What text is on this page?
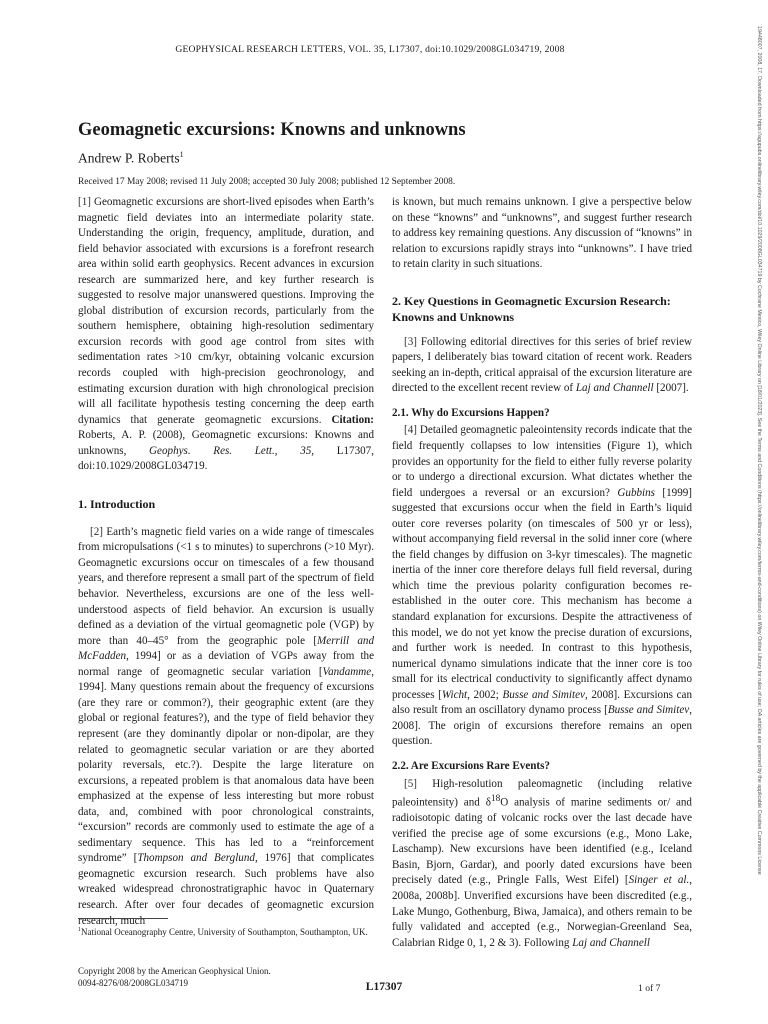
19448007, 2008, 17, Downloaded from https://agupubs.onlinelibrary.wiley.com/doi/10.1029/2008GL034719 by Cochrane Mexico, Wiley Online Library on [18/01/2023]. See the Terms and Conditions (https://onlinelibrary.wiley.com/terms-and-conditions) on Wiley Online Library for rules of use; OA articles are governed by the applicable Creative Commons License
GEOPHYSICAL RESEARCH LETTERS, VOL. 35, L17307, doi:10.1029/2008GL034719, 2008
Geomagnetic excursions: Knowns and unknowns
Andrew P. Roberts$^1$
Received 17 May 2008; revised 11 July 2008; accepted 30 July 2008; published 12 September 2008.

[1] Geomagnetic excursions are short-lived episodes when Earth’s magnetic field deviates into an intermediate polarity state. Understanding the origin, frequency, amplitude, duration, and field behavior associated with excursions is a forefront research area within solid earth geophysics. Recent advances in excursion research are summarized here, and key further research is suggested to resolve major unanswered questions. Improving the global distribution of excursion records, particularly from the southern hemisphere, obtaining high-resolution sedimentary excursion records with good age control from sites with sedimentation rates >10 cm/kyr, obtaining volcanic excursion records coupled with high-precision geochronology, and estimating excursion duration with high chronological precision will all facilitate hypothesis testing concerning the deep earth dynamics that generate geomagnetic excursions. Citation: Roberts, A. P. (2008), Geomagnetic excursions: Knowns and unknowns, Geophys. Res. Lett., 35, L17307, doi:10.1029/2008GL034719.

1. Introduction

[2] Earth’s magnetic field varies on a wide range of timescales from micropulsations (<1 s to minutes) to superchrons (>10 Myr). Geomagnetic excursions occur on timescales of a few thousand years, and therefore represent a small part of the spectrum of field behavior. Nevertheless, excursions are one of the less well-understood aspects of field behavior. An excursion is usually defined as a deviation of the virtual geomagnetic pole (VGP) by more than 40–45° from the geographic pole [Merrill and McFadden, 1994] or as a deviation of VGPs away from the normal range of geomagnetic secular variation [Vandamme, 1994]. Many questions remain about the frequency of excursions (are they rare or common?), their geographic extent (are they global or regional features?), and the type of field behavior they represent (are they dominantly dipolar or non-dipolar, are they related to geomagnetic secular variation or are they aborted polarity reversals, etc.?). Despite the large literature on excursions, a repeated problem is that anomalous data have been emphasized at the expense of less interesting but more robust data, and, combined with poor chronological constraints, “excursion” records are commonly used to estimate the age of a sedimentary sequence. This has led to a “reinforcement syndrome” [Thompson and Berglund, 1976] that complicates geomagnetic excursion research. Such problems have also wreaked widespread chronostratigraphic havoc in Quaternary research. After over four decades of geomagnetic excursion research, much

$^1$National Oceanography Centre, University of Southampton, Southampton, UK.
Copyright 2008 by the American Geophysical Union.
0094-8276/08/2008GL034719

is known, but much remains unknown. I give a perspective below on these “knowns” and “unknowns”, and suggest further research to address key remaining questions. Any discussion of “knowns” in relation to excursions rapidly strays into “unknowns”. I have tried to retain clarity in such situations.

2. Key Questions in Geomagnetic Excursion Research: Knowns and Unknowns

[3] Following editorial directives for this series of brief review papers, I deliberately bias toward citation of recent work. Readers seeking an in-depth, critical appraisal of the excursion literature are directed to the excellent recent review of Laj and Channell [2007].

2.1. Why do Excursions Happen?

[4] Detailed geomagnetic paleointensity records indicate that the field frequently collapses to low intensities (Figure 1), which provides an opportunity for the field to either fully reverse polarity or to undergo a directional excursion. What dictates whether the field undergoes a reversal or an excursion? Gubbins [1999] suggested that excursions occur when the field in Earth’s liquid outer core reverses polarity (on timescales of 500 yr or less), without accompanying field reversal in the solid inner core (where the field changes by diffusion on 3-kyr timescales). The magnetic inertia of the inner core therefore delays full field reversal, during which time the previous polarity configuration becomes re-established in the outer core. This mechanism has become a standard explanation for excursions. Despite the attractiveness of this model, we do not yet know the precise duration of excursions, and further work is needed. In contrast to this hypothesis, numerical dynamo simulations indicate that the inner core is too small for its electrical conductivity to significantly affect dynamo processes [Wicht, 2002; Busse and Simitev, 2008]. Excursions can also result from an oscillatory dynamo process [Busse and Simitev, 2008]. The origin of excursions therefore remains an open question.

2.2. Are Excursions Rare Events?

[5] High-resolution paleomagnetic (including relative paleointensity) and $\delta^{18}O$ analysis of marine sediments or/ and radioisotopic dating of volcanic rocks over the last decade have verified the precise age of some excursions (e.g., Mono Lake, Laschamp). New excursions have been identified (e.g., Iceland Basin, Bjorn, Gardar), and poorly dated excursions have been precisely dated (e.g., Pringle Falls, West Eifel) [Singer et al., 2008a, 2008b]. Unverified excursions have been discredited (e.g., Lake Mungo, Gothenburg, Biwa, Jamaica), and others remain to be fully validated and accepted (e.g., Norwegian-Greenland Sea, Calabrian Ridge 0, 1, 2 & 3). Following Laj and Channell

L17307	1 of 7
